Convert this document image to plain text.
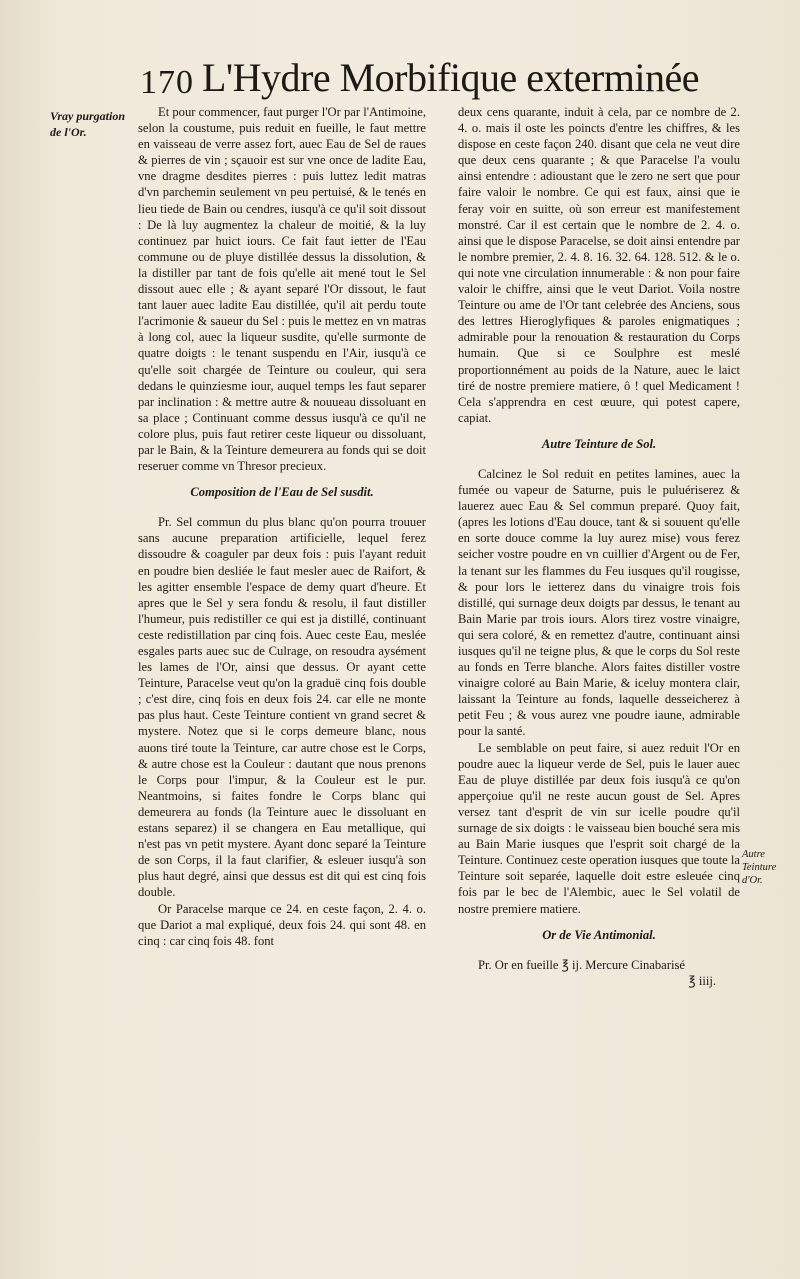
170 L'Hydre Morbifique exterminée
Vray purgation de l'Or.
Autre Teinture d'Or.

Et pour commencer, faut purger l'Or par l'Antimoine, selon la coustume, puis reduit en fueille, le faut mettre en vaisseau de verre assez fort, auec Eau de Sel de raues & pierres de vin ; sçauoir est sur vne once de ladite Eau, vne dragme desdites pierres : puis luttez ledit matras d'vn parchemin seulement vn peu pertuisé, & le tenés en lieu tiede de Bain ou cendres, iusqu'à ce qu'il soit dissout : De là luy augmentez la chaleur de moitié, & la luy continuez par huict iours. Ce fait faut ietter de l'Eau commune ou de pluye distillée dessus la dissolution, & la distiller par tant de fois qu'elle ait mené tout le Sel dissout auec elle ; & ayant separé l'Or dissout, le faut tant lauer auec ladite Eau distillée, qu'il ait perdu toute l'acrimonie & saueur du Sel : puis le mettez en vn matras à long col, auec la liqueur susdite, qu'elle surmonte de quatre doigts : le tenant suspendu en l'Air, iusqu'à ce qu'elle soit chargée de Teinture ou couleur, qui sera dedans le quinziesme iour, auquel temps les faut separer par inclination : & mettre autre & nouueau dissoluant en sa place ; Continuant comme dessus iusqu'à ce qu'il ne colore plus, puis faut retirer ceste liqueur ou dissoluant, par le Bain, & la Teinture demeurera au fonds qui se doit reseruer comme vn Thresor precieux.

Composition de l'Eau de Sel susdit.

Pr. Sel commun du plus blanc qu'on pourra trouuer sans aucune preparation artificielle, lequel ferez dissoudre & coaguler par deux fois : puis l'ayant reduit en poudre bien desliée le faut mesler auec de Raifort, & les agitter ensemble l'espace de demy quart d'heure. Et apres que le Sel y sera fondu & resolu, il faut distiller l'humeur, puis redistiller ce qui est ja distillé, continuant ceste redistillation par cinq fois. Auec ceste Eau, meslée esgales parts auec suc de Culrage, on resoudra aysément les lames de l'Or, ainsi que dessus. Or ayant cette Teinture, Paracelse veut qu'on la graduë cinq fois double ; c'est dire, cinq fois en deux fois 24. car elle ne monte pas plus haut. Ceste Teinture contient vn grand secret & mystere. Notez que si le corps demeure blanc, nous auons tiré toute la Teinture, car autre chose est le Corps, & autre chose est la Couleur : dautant que nous prenons le Corps pour l'impur, & la Couleur est le pur. Neantmoins, si faites fondre le Corps blanc qui demeurera au fonds (la Teinture auec le dissoluant en estans separez) il se changera en Eau metallique, qui n'est pas vn petit mystere. Ayant donc separé la Teinture de son Corps, il la faut clarifier, & esleuer iusqu'à son plus haut degré, ainsi que dessus est dit qui est cinq fois double.

Or Paracelse marque ce 24. en ceste façon, 2. 4. o. que Dariot a mal expliqué, deux fois 24. qui sont 48. en cinq : car cinq fois 48. font

deux cens quarante, induit à cela, par ce nombre de 2. 4. o. mais il oste les poincts d'entre les chiffres, & les dispose en ceste façon 240. disant que cela ne veut dire que deux cens quarante ; & que Paracelse l'a voulu ainsi entendre : adioustant que le zero ne sert que pour faire valoir le nombre. Ce qui est faux, ainsi que ie feray voir en suitte, où son erreur est manifestement monstré. Car il est certain que le nombre de 2. 4. o. ainsi que le dispose Paracelse, se doit ainsi entendre par le nombre premier, 2. 4. 8. 16. 32. 64. 128. 512. & le o. qui note vne circulation innumerable : & non pour faire valoir le chiffre, ainsi que le veut Dariot. Voila nostre Teinture ou ame de l'Or tant celebrée des Anciens, sous des lettres Hieroglyfiques & paroles enigmatiques ; admirable pour la renouation & restauration du Corps humain. Que si ce Soulphre est meslé proportionnément au poids de la Nature, auec le laict tiré de nostre premiere matiere, ô ! quel Medicament ! Cela s'apprendra en cest œuure, qui potest capere, capiat.

Autre Teinture de Sol.

Calcinez le Sol reduit en petites lamines, auec la fumée ou vapeur de Saturne, puis le puluériserez & lauerez auec Eau & Sel commun preparé. Quoy fait, (apres les lotions d'Eau douce, tant & si souuent qu'elle en sorte douce comme la luy aurez mise) vous ferez seicher vostre poudre en vn cuillier d'Argent ou de Fer, la tenant sur les flammes du Feu iusques qu'il rougisse, & pour lors le ietterez dans du vinaigre trois fois distillé, qui surnage deux doigts par dessus, le tenant au Bain Marie par trois iours. Alors tirez vostre vinaigre, qui sera coloré, & en remettez d'autre, continuant ainsi iusques qu'il ne teigne plus, & que le corps du Sol reste au fonds en Terre blanche. Alors faites distiller vostre vinaigre coloré au Bain Marie, & iceluy montera clair, laissant la Teinture au fonds, laquelle desseicherez à petit Feu ; & vous aurez vne poudre iaune, admirable pour la santé.

Le semblable on peut faire, si auez reduit l'Or en poudre auec la liqueur verde de Sel, puis le lauer auec Eau de pluye distillée par deux fois iusqu'à ce qu'on apperçoiue qu'il ne reste aucun goust de Sel. Apres versez tant d'esprit de vin sur icelle poudre qu'il surnage de six doigts : le vaisseau bien bouché sera mis au Bain Marie iusques que l'esprit soit chargé de la Teinture. Continuez ceste operation iusques que toute la Teinture soit separée, laquelle doit estre esleuée cinq fois par le bec de l'Alembic, auec le Sel volatil de nostre premiere matiere.

Or de Vie Antimonial.

Pr. Or en fueille ℥ ij. Mercure Cinabarisé

℥ iiij.
